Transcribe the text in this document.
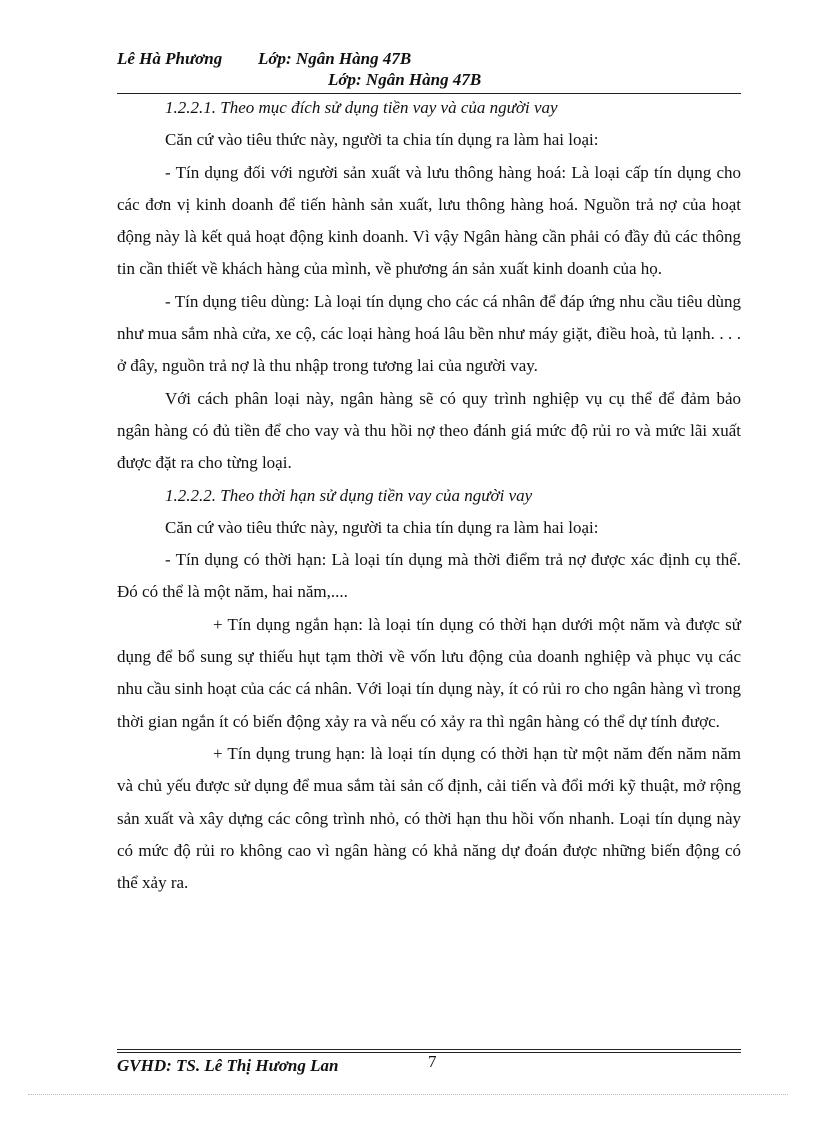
Lê Hà Phương Lớp: Ngân Hàng 47B
Lớp: Ngân Hàng 47B

1.2.2.1. Theo mục đích sử dụng tiền vay và của người vay

Căn cứ vào tiêu thức này, người ta chia tín dụng ra làm hai loại:

- Tín dụng đối với người sản xuất và lưu thông hàng hoá: Là loại cấp tín dụng cho các đơn vị kinh doanh để tiến hành sản xuất, lưu thông hàng hoá. Nguồn trả nợ của hoạt động này là kết quả hoạt động kinh doanh. Vì vậy Ngân hàng cần phải có đầy đủ các thông tin cần thiết về khách hàng của mình, về phương án sản xuất kinh doanh của họ.

- Tín dụng tiêu dùng: Là loại tín dụng cho các cá nhân để đáp ứng nhu cầu tiêu dùng như mua sắm nhà cửa, xe cộ, các loại hàng hoá lâu bền như máy giặt, điều hoà, tủ lạnh. . . . ở đây, nguồn trả nợ là thu nhập trong tương lai của người vay.

Với cách phân loại này, ngân hàng sẽ có quy trình nghiệp vụ cụ thể để đảm bảo ngân hàng có đủ tiền để cho vay và thu hồi nợ theo đánh giá mức độ rủi ro và mức lãi xuất được đặt ra cho từng loại.

1.2.2.2. Theo thời hạn sử dụng tiền vay của người vay

Căn cứ vào tiêu thức này, người ta chia tín dụng ra làm hai loại:

- Tín dụng có thời hạn: Là loại tín dụng mà thời điểm trả nợ được xác định cụ thể. Đó có thể là một năm, hai năm,....

+ Tín dụng ngắn hạn: là loại tín dụng có thời hạn dưới một năm và được sử dụng để bổ sung sự thiếu hụt tạm thời về vốn lưu động của doanh nghiệp và phục vụ các nhu cầu sinh hoạt của các cá nhân. Với loại tín dụng này, ít có rủi ro cho ngân hàng vì trong thời gian ngắn ít có biến động xảy ra và nếu có xảy ra thì ngân hàng có thể dự tính được.

+ Tín dụng trung hạn: là loại tín dụng có thời hạn từ một năm đến năm năm và chủ yếu được sử dụng để mua sắm tài sản cố định, cải tiến và đổi mới kỹ thuật, mở rộng sản xuất và xây dựng các công trình nhỏ, có thời hạn thu hồi vốn nhanh. Loại tín dụng này có mức độ rủi ro không cao vì ngân hàng có khả năng dự đoán được những biến động có thể xảy ra.

GVHD: TS. Lê Thị Hương Lan	7
